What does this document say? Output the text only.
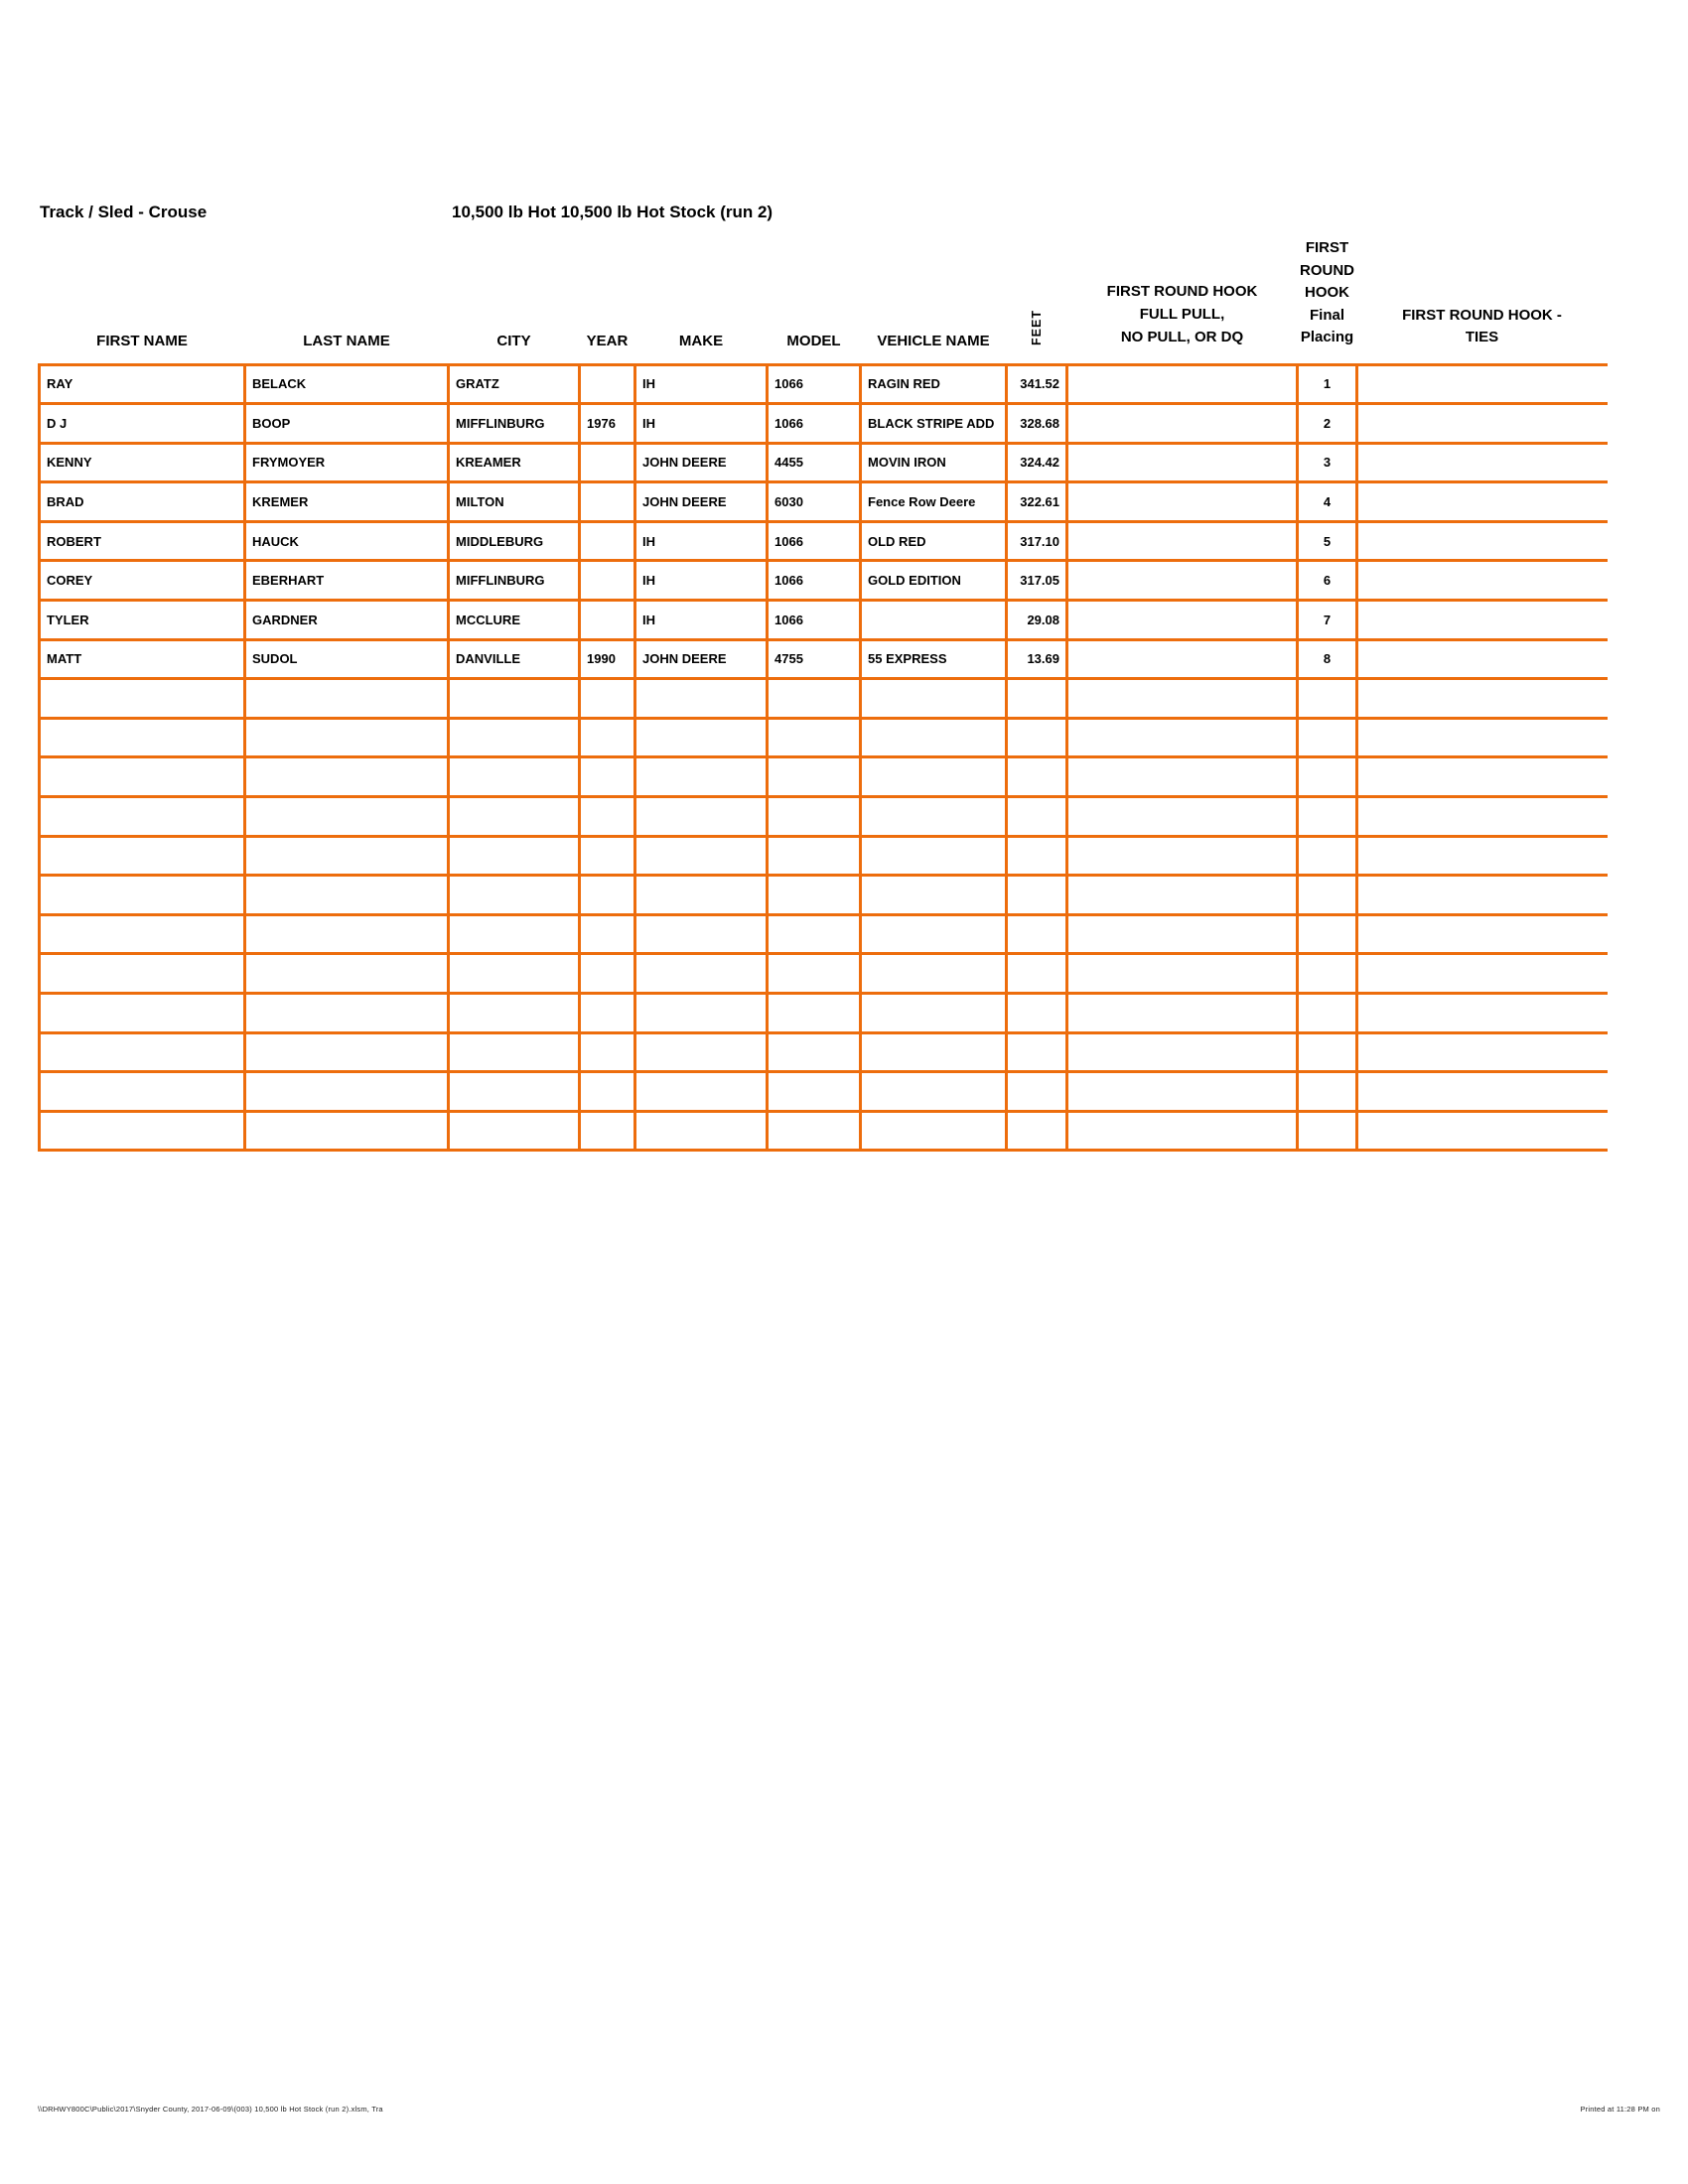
Track / Sled - Crouse	10,500 lb Hot 10,500 lb Hot Stock (run 2)
FIRST NAME	LAST NAME	CITY	YEAR	MAKE	MODEL	VEHICLE NAME	FEET	FIRST ROUND HOOK
FULL PULL,
NO PULL, OR DQ	FIRST
ROUND
HOOK
Final
Placing	FIRST ROUND HOOK -
TIES
RAY	BELACK	GRATZ		IH	1066	RAGIN RED	341.52		1	
D J	BOOP	MIFFLINBURG	1976	IH	1066	BLACK STRIPE ADD	328.68		2	
KENNY	FRYMOYER	KREAMER		JOHN DEERE	4455	MOVIN IRON	324.42		3	
BRAD	KREMER	MILTON		JOHN DEERE	6030	Fence Row Deere	322.61		4	
ROBERT	HAUCK	MIDDLEBURG		IH	1066	OLD RED	317.10		5	
COREY	EBERHART	MIFFLINBURG		IH	1066	GOLD EDITION	317.05		6	
TYLER	GARDNER	MCCLURE		IH	1066		29.08		7	
MATT	SUDOL	DANVILLE	1990	JOHN DEERE	4755	55 EXPRESS	13.69		8	

\\DRHWY800C\Public\2017\Snyder County, 2017-06-09\(003) 10,500 lb Hot Stock (run 2).xlsm, Tra	Printed at 11:28 PM on
